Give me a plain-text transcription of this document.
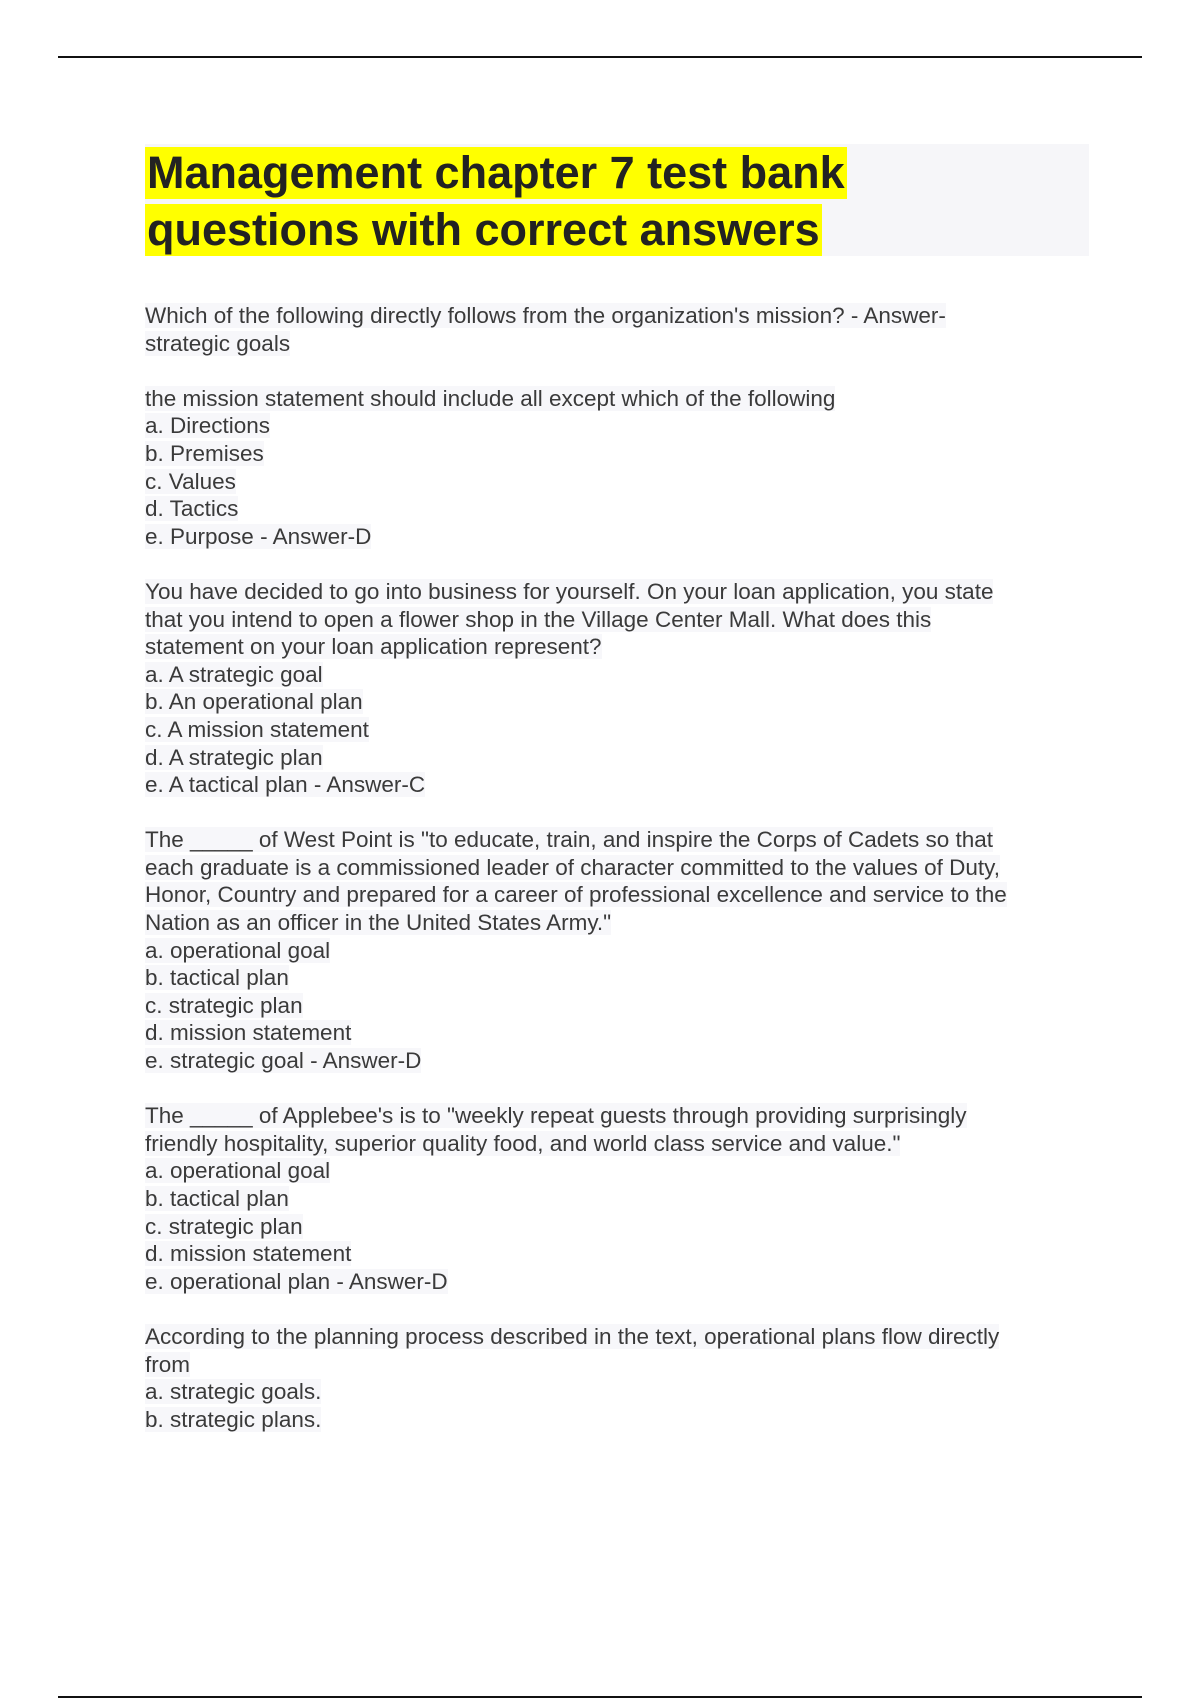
Management chapter 7 test bank
questions with correct answers
Which of the following directly follows from the organization's mission? - Answer-
strategic goals
the mission statement should include all except which of the following
a. Directions
b. Premises
c. Values
d. Tactics
e. Purpose - Answer-D
You have decided to go into business for yourself. On your loan application, you state
that you intend to open a flower shop in the Village Center Mall. What does this
statement on your loan application represent?
a. A strategic goal
b. An operational plan
c. A mission statement
d. A strategic plan
e. A tactical plan - Answer-C
The _____ of West Point is "to educate, train, and inspire the Corps of Cadets so that
each graduate is a commissioned leader of character committed to the values of Duty,
Honor, Country and prepared for a career of professional excellence and service to the
Nation as an officer in the United States Army."
a. operational goal
b. tactical plan
c. strategic plan
d. mission statement
e. strategic goal - Answer-D
The _____ of Applebee's is to "weekly repeat guests through providing surprisingly
friendly hospitality, superior quality food, and world class service and value."
a. operational goal
b. tactical plan
c. strategic plan
d. mission statement
e. operational plan - Answer-D
According to the planning process described in the text, operational plans flow directly
from
a. strategic goals.
b. strategic plans.
